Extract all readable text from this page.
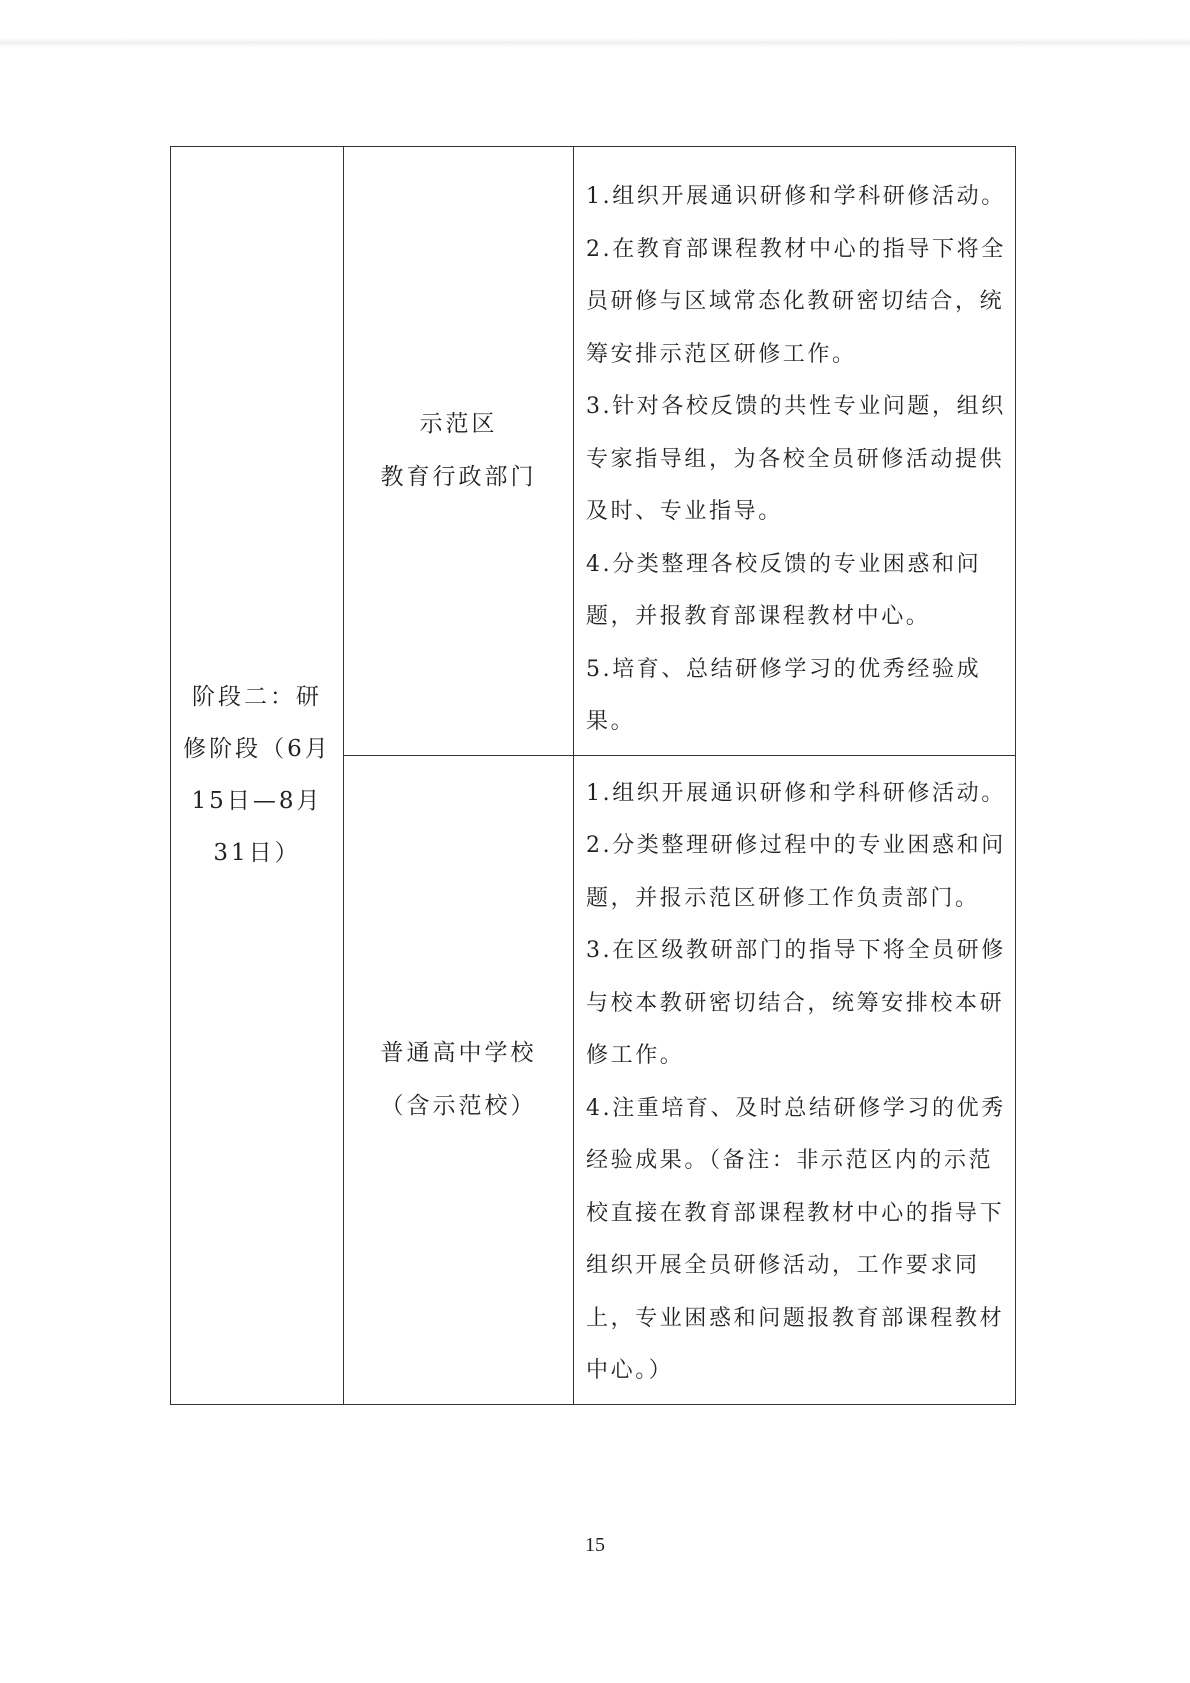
阶段二：研修阶段（6月15日—8月31日）	示范区
教育行政部门	1.组织开展通识研修和学科研修活动。
2.在教育部课程教材中心的指导下将全员研修与区域常态化教研密切结合，统筹安排示范区研修工作。
3.针对各校反馈的共性专业问题，组织专家指导组，为各校全员研修活动提供及时、专业指导。
4.分类整理各校反馈的专业困惑和问题，并报教育部课程教材中心。
5.培育、总结研修学习的优秀经验成果。

	普通高中学校
（含示范校）	1.组织开展通识研修和学科研修活动。
2.分类整理研修过程中的专业困惑和问题，并报示范区研修工作负责部门。
3.在区级教研部门的指导下将全员研修与校本教研密切结合，统筹安排校本研修工作。
4.注重培育、及时总结研修学习的优秀经验成果。（备注：非示范区内的示范校直接在教育部课程教材中心的指导下组织开展全员研修活动，工作要求同上，专业困惑和问题报教育部课程教材中心。）
15
